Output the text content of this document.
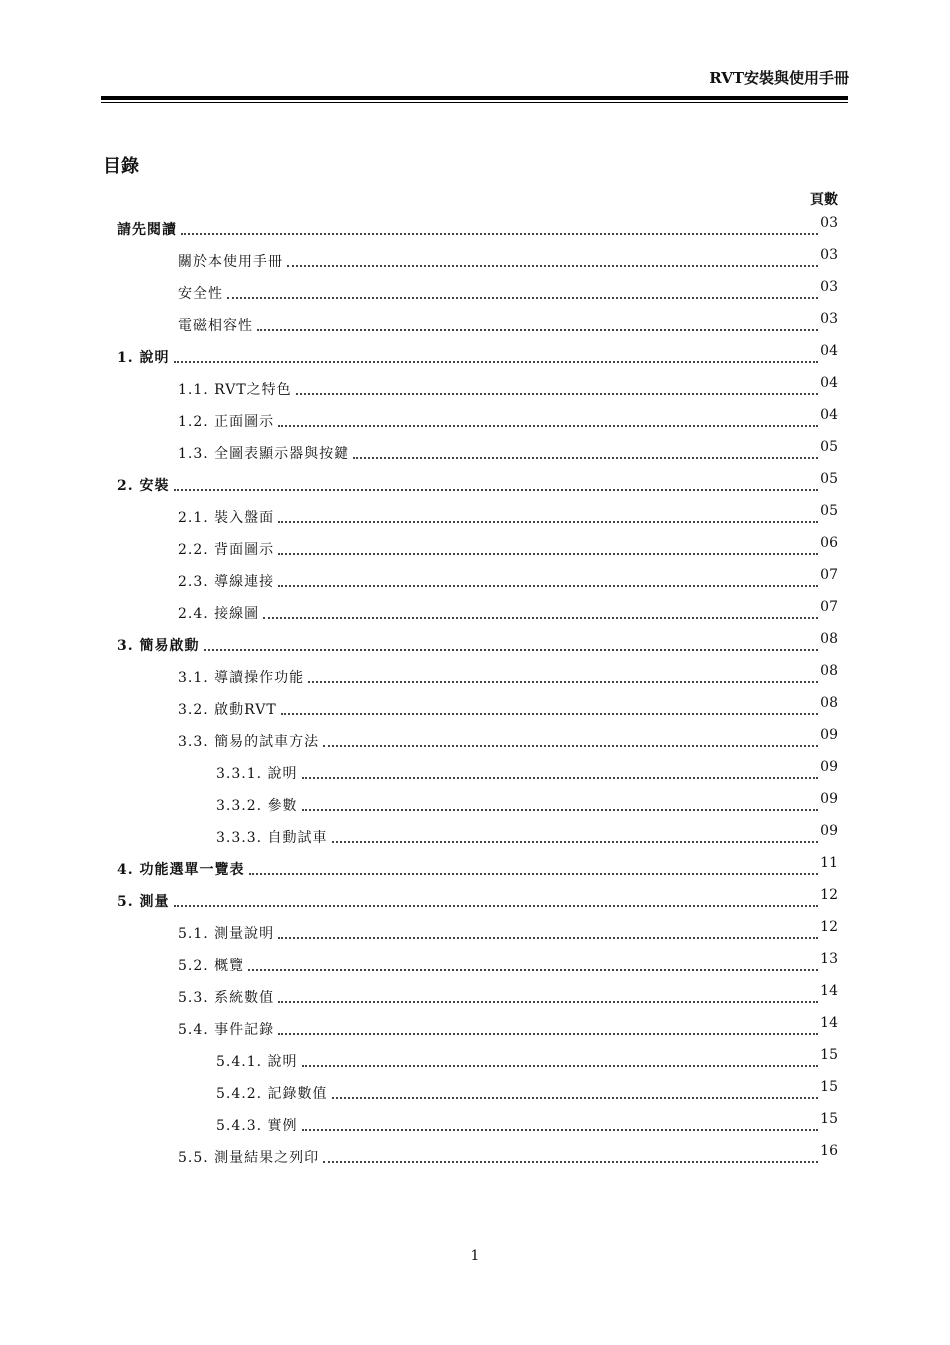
RVT安裝與使用手冊
目錄
頁數
請先閱讀	03
關於本使用手冊	03
安全性	03
電磁相容性	03
1. 說明	04
1.1. RVT之特色	04
1.2. 正面圖示	04
1.3. 全圖表顯示器與按鍵	05
2. 安裝	05
2.1. 裝入盤面	05
2.2. 背面圖示	06
2.3. 導線連接	07
2.4. 接線圖	07
3. 簡易啟動	08
3.1. 導讀操作功能	08
3.2. 啟動RVT	08
3.3. 簡易的試車方法	09
3.3.1. 說明	09
3.3.2. 參數	09
3.3.3. 自動試車	09
4. 功能選單一覽表	11
5. 測量	12
5.1. 測量說明	12
5.2. 概覽	13
5.3. 系統數值	14
5.4. 事件記錄	14
5.4.1. 說明	15
5.4.2. 記錄數值	15
5.4.3. 實例	15
5.5. 測量結果之列印	16
1
